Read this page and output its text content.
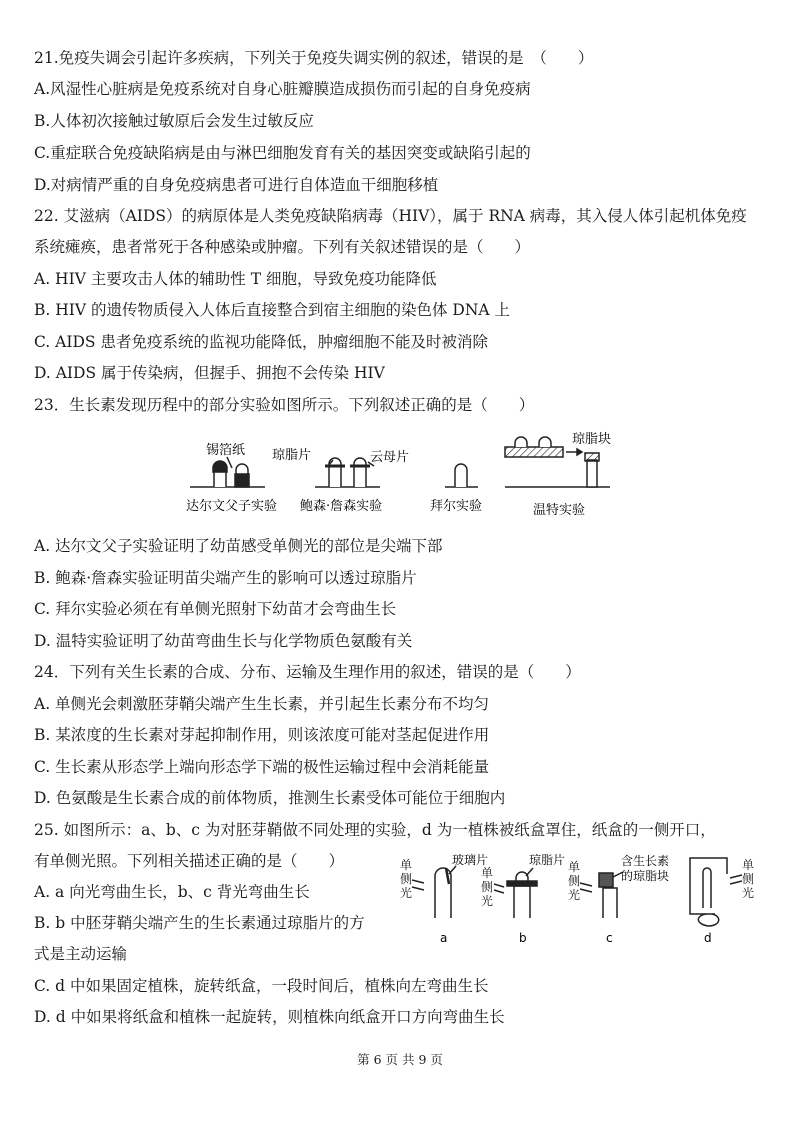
21.免疫失调会引起许多疾病，下列关于免疫失调实例的叙述，错误的是　（　　）
A.风湿性心脏病是免疫系统对自身心脏瓣膜造成损伤而引起的自身免疫病
B.人体初次接触过敏原后会发生过敏反应
C.重症联合免疫缺陷病是由与淋巴细胞发育有关的基因突变或缺陷引起的
D.对病情严重的自身免疫病患者可进行自体造血干细胞移植
22. 艾滋病（AIDS）的病原体是人类免疫缺陷病毒（HIV），属于 RNA 病毒，其入侵人体引起机体免疫
系统瘫痪，患者常死于各种感染或肿瘤。下列有关叙述错误的是（　　）
A. HIV 主要攻击人体的辅助性 T 细胞，导致免疫功能降低
B. HIV 的遗传物质侵入人体后直接整合到宿主细胞的染色体 DNA 上
C. AIDS 患者免疫系统的监视功能降低，肿瘤细胞不能及时被消除
D. AIDS 属于传染病，但握手、拥抱不会传染 HIV
23．生长素发现历程中的部分实验如图所示。下列叙述正确的是（　　）
锡箔纸 琼脂片	云母片
琼脂块
达尔文父子实验 鲍森·詹森实验	拜尔实验	温特实验
玻璃片	琼脂片	含生长素
的琼脂块
a	b	c	d
单侧光
单侧光
单侧光
单侧光
A. 达尔文父子实验证明了幼苗感受单侧光的部位是尖端下部
B. 鲍森·詹森实验证明苗尖端产生的影响可以透过琼脂片
C. 拜尔实验必须在有单侧光照射下幼苗才会弯曲生长
D. 温特实验证明了幼苗弯曲生长与化学物质色氨酸有关
24．下列有关生长素的合成、分布、运输及生理作用的叙述，错误的是（　　）
A. 单侧光会刺激胚芽鞘尖端产生生长素，并引起生长素分布不均匀
B. 某浓度的生长素对芽起抑制作用，则该浓度可能对茎起促进作用
C. 生长素从形态学上端向形态学下端的极性运输过程中会消耗能量
D. 色氨酸是生长素合成的前体物质，推测生长素受体可能位于细胞内
25. 如图所示：a、b、c 为对胚芽鞘做不同处理的实验，d 为一植株被纸盒罩住，纸盒的一侧开口，
有单侧光照。下列相关描述正确的是（　　）
A. a 向光弯曲生长，b、c 背光弯曲生长
B. b 中胚芽鞘尖端产生的生长素通过琼脂片的方
式是主动运输
C. d 中如果固定植株，旋转纸盒，一段时间后，植株向左弯曲生长
D. d 中如果将纸盒和植株一起旋转，则植株向纸盒开口方向弯曲生长
第 6 页 共 9 页
